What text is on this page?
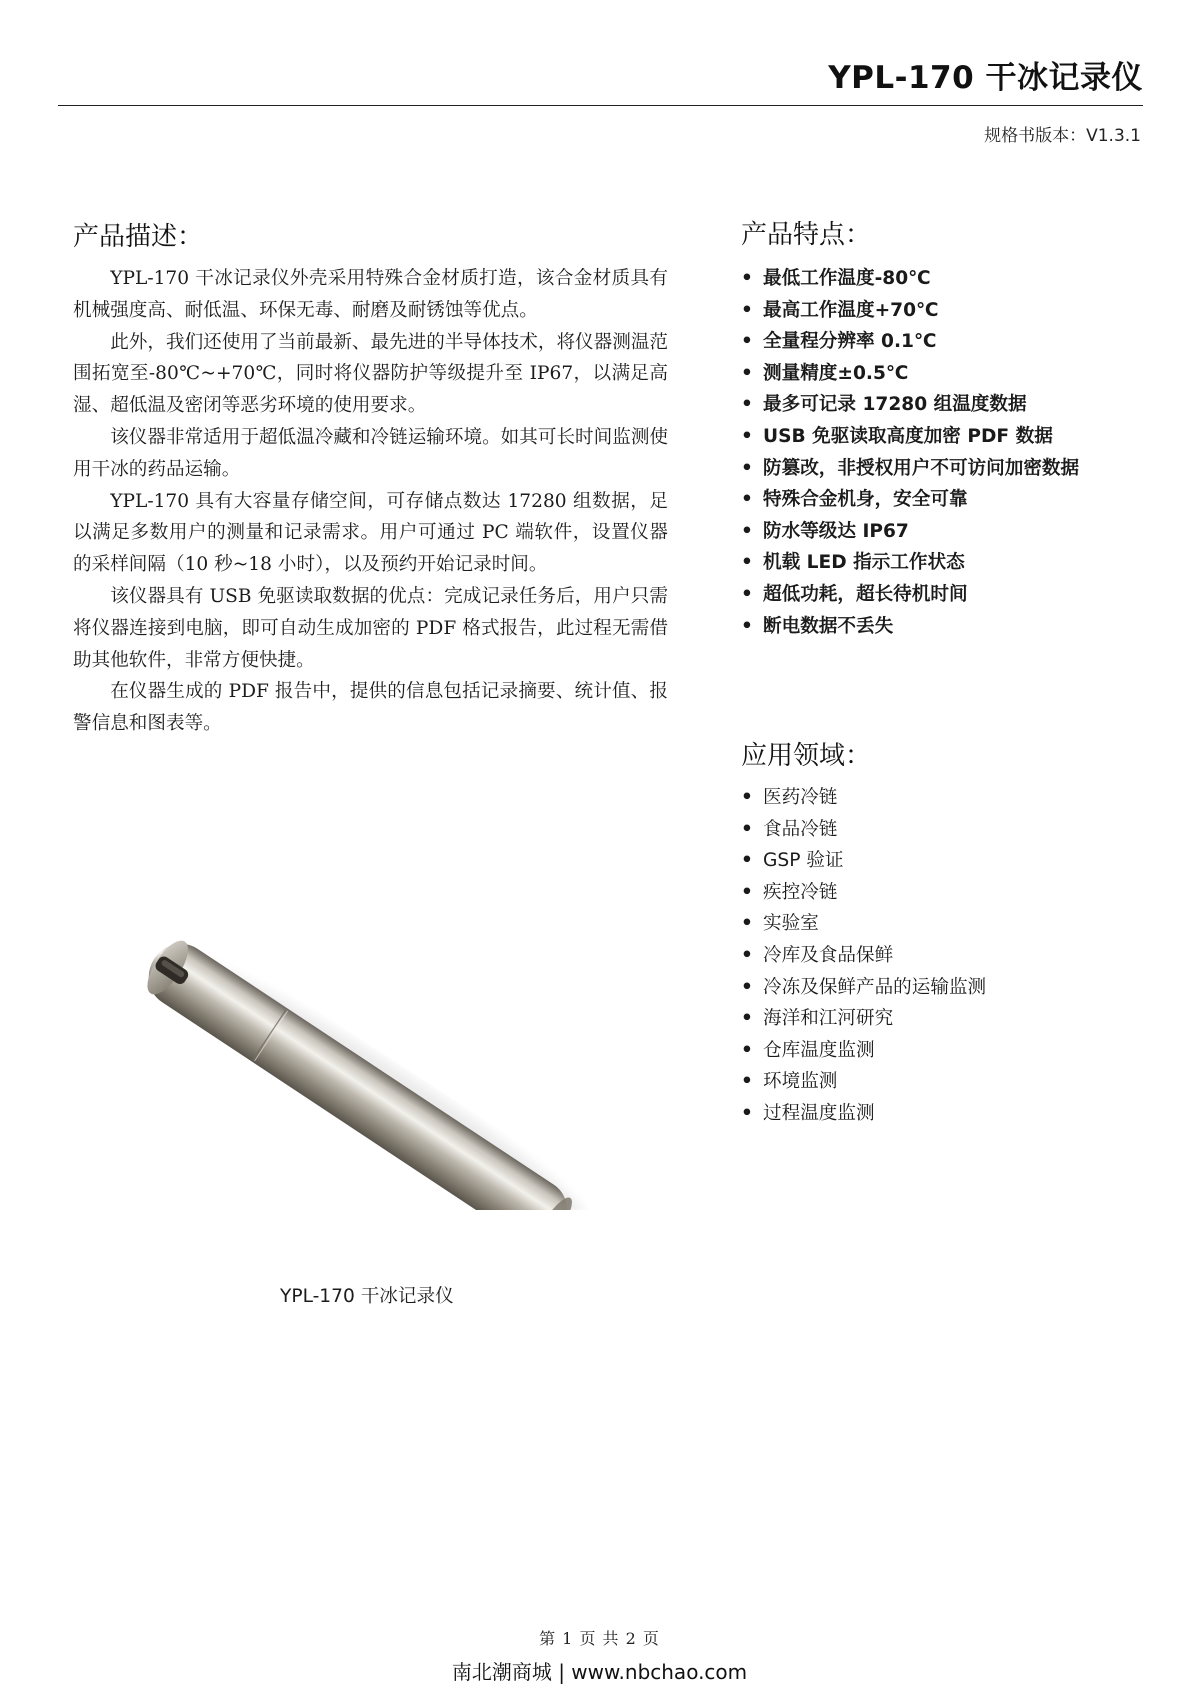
YPL-170 干冰记录仪
规格书版本：V1.3.1
产品描述：

YPL-170 干冰记录仪外壳采用特殊合金材质打造，该合金材质具有机械强度高、耐低温、环保无毒、耐磨及耐锈蚀等优点。

此外，我们还使用了当前最新、最先进的半导体技术，将仪器测温范围拓宽至-80℃~+70℃，同时将仪器防护等级提升至 IP67，以满足高湿、超低温及密闭等恶劣环境的使用要求。

该仪器非常适用于超低温冷藏和冷链运输环境。如其可长时间监测使用干冰的药品运输。

YPL-170 具有大容量存储空间，可存储点数达 17280 组数据，足以满足多数用户的测量和记录需求。用户可通过 PC 端软件，设置仪器的采样间隔（10 秒~18 小时），以及预约开始记录时间。

该仪器具有 USB 免驱读取数据的优点：完成记录任务后，用户只需将仪器连接到电脑，即可自动生成加密的 PDF 格式报告，此过程无需借助其他软件，非常方便快捷。

在仪器生成的 PDF 报告中，提供的信息包括记录摘要、统计值、报警信息和图表等。

产品特点：
• 最低工作温度-80℃
• 最高工作温度+70℃
• 全量程分辨率 0.1℃
• 测量精度±0.5℃
• 最多可记录 17280 组温度数据
• USB 免驱读取高度加密 PDF 数据
• 防篡改，非授权用户不可访问加密数据
• 特殊合金机身，安全可靠
• 防水等级达 IP67
• 机载 LED 指示工作状态
• 超低功耗，超长待机时间
• 断电数据不丢失
应用领域：
• 医药冷链
• 食品冷链
• GSP 验证
• 疾控冷链
• 实验室
• 冷库及食品保鲜
• 冷冻及保鲜产品的运输监测
• 海洋和江河研究
• 仓库温度监测
• 环境监测
• 过程温度监测
YPL-170 干冰记录仪
第 1 页 共 2 页
南北潮商城 | www.nbchao.com
